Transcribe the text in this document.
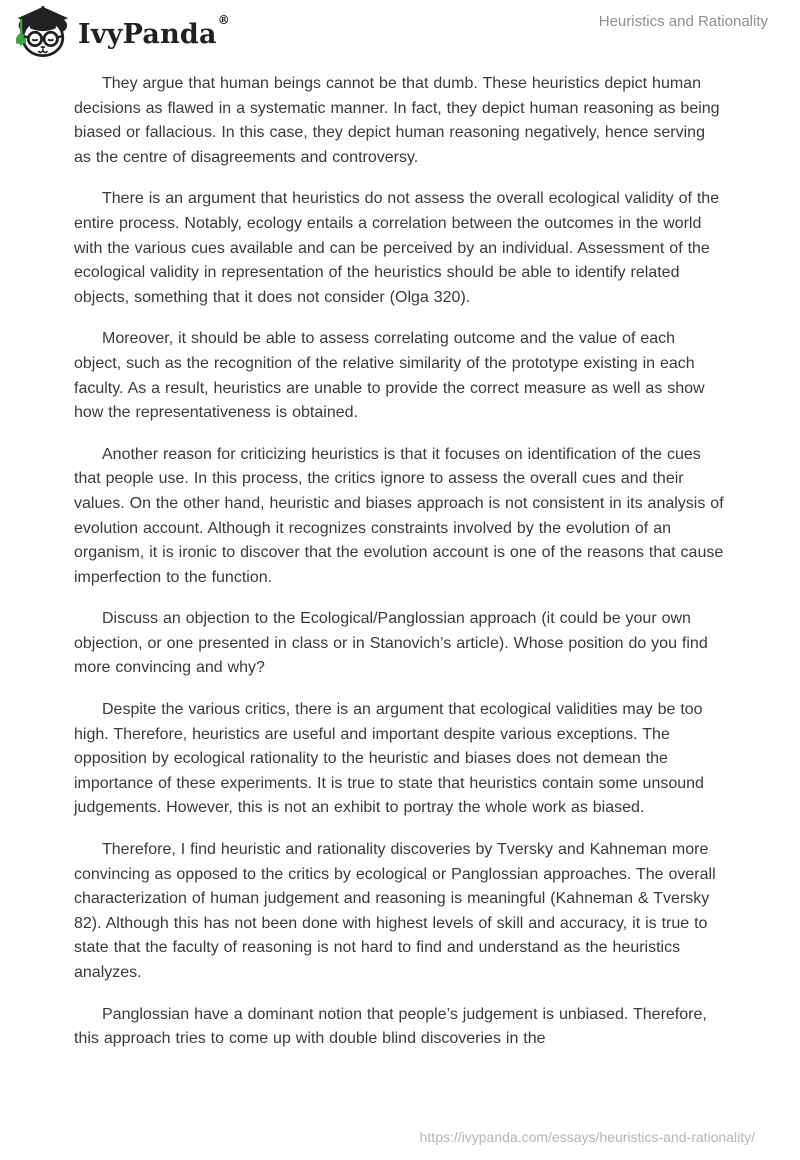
IvyPanda®	Heuristics and Rationality

They argue that human beings cannot be that dumb. These heuristics depict human decisions as flawed in a systematic manner. In fact, they depict human reasoning as being biased or fallacious. In this case, they depict human reasoning negatively, hence serving as the centre of disagreements and controversy.

There is an argument that heuristics do not assess the overall ecological validity of the entire process. Notably, ecology entails a correlation between the outcomes in the world with the various cues available and can be perceived by an individual. Assessment of the ecological validity in representation of the heuristics should be able to identify related objects, something that it does not consider (Olga 320).

Moreover, it should be able to assess correlating outcome and the value of each object, such as the recognition of the relative similarity of the prototype existing in each faculty. As a result, heuristics are unable to provide the correct measure as well as show how the representativeness is obtained.

Another reason for criticizing heuristics is that it focuses on identification of the cues that people use. In this process, the critics ignore to assess the overall cues and their values. On the other hand, heuristic and biases approach is not consistent in its analysis of evolution account. Although it recognizes constraints involved by the evolution of an organism, it is ironic to discover that the evolution account is one of the reasons that cause imperfection to the function.

Discuss an objection to the Ecological/Panglossian approach (it could be your own objection, or one presented in class or in Stanovich’s article). Whose position do you find more convincing and why?

Despite the various critics, there is an argument that ecological validities may be too high. Therefore, heuristics are useful and important despite various exceptions. The opposition by ecological rationality to the heuristic and biases does not demean the importance of these experiments. It is true to state that heuristics contain some unsound judgements. However, this is not an exhibit to portray the whole work as biased.

Therefore, I find heuristic and rationality discoveries by Tversky and Kahneman more convincing as opposed to the critics by ecological or Panglossian approaches. The overall characterization of human judgement and reasoning is meaningful (Kahneman & Tversky 82). Although this has not been done with highest levels of skill and accuracy, it is true to state that the faculty of reasoning is not hard to find and understand as the heuristics analyzes.

Panglossian have a dominant notion that people’s judgement is unbiased. Therefore, this approach tries to come up with double blind discoveries in the

https://ivypanda.com/essays/heuristics-and-rationality/
